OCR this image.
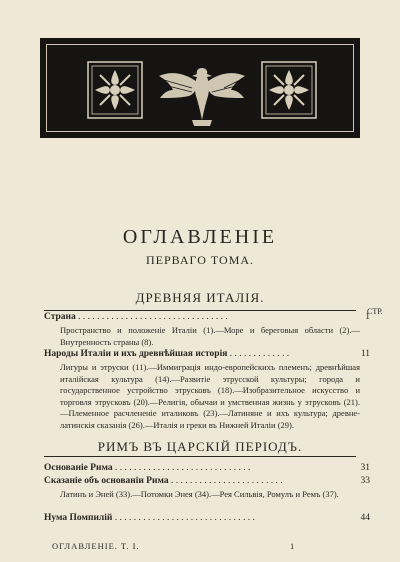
ОГЛАВЛЕНІЕ
ПЕРВАГО ТОМА.
ДРЕВНЯЯ ИТАЛІЯ.
СТР.
Страна . . . . . . . . . . . . . . . . . . . . . . . . . . . . . . . .	1
Пространство и положеніе Италіи (1).—Море и береговыя области (2).—Внутренность страны (8).
Народы Италіи и ихъ древнѣйшая исторія . . . . . . . . . . . . .	11
Лигуры и этруски (11).—Иммиграція индо-европейскихъ племенъ; древнѣйшая италійская культура (14).—Развитіе этрусской культуры; города и государственное устройство этрусковъ (18).—Изобразительное искусство и торговля этрусковъ (20).—Религія, обычаи и умственная жизнь у этрусковъ (21).—Племенное расчлененіе италиковъ (23).—Латиняне и ихъ культура; древне-латинскія сказанія (26).—Италія и греки въ Нижней Италіи (29).
РИМЪ ВЪ ЦАРСКІЙ ПЕРІОДЪ.
Основаніе Рима . . . . . . . . . . . . . . . . . . . . . . . . . . . . .	31
Сказаніе объ основаніи Рима . . . . . . . . . . . . . . . . . . . . . . . .	33
Латинъ и Эней (33).—Потомки Энея (34).—Рея Сильвія, Ромулъ и Ремъ (37).
Нума Помпилій . . . . . . . . . . . . . . . . . . . . . . . . . . . . . .	44
ОГЛАВЛЕНІЕ. Т. I.	1
